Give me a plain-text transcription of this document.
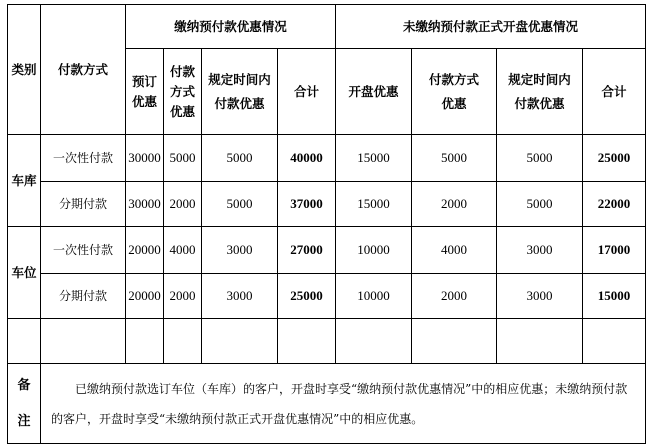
类别	付款方式	缴纳预付款优惠情况				未缴纳预付款正式开盘优惠情况			
		预订优惠	付款方式优惠	规定时间内付款优惠	合计	开盘优惠	付款方式优惠	规定时间内付款优惠	合计
车库	一次性付款	30000	5000	5000	40000	15000	5000	5000	25000
	分期付款	30000	2000	5000	37000	15000	2000	5000	22000
车位	一次性付款	20000	4000	3000	27000	10000	4000	3000	17000
	分期付款	20000	2000	3000	25000	10000	2000	3000	15000

备
注	已缴纳预付款选订车位（车库）的客户，开盘时享受“缴纳预付款优惠情况”中的相应优惠；未缴纳预付款的客户，开盘时享受“未缴纳预付款正式开盘优惠情况”中的相应优惠。								
